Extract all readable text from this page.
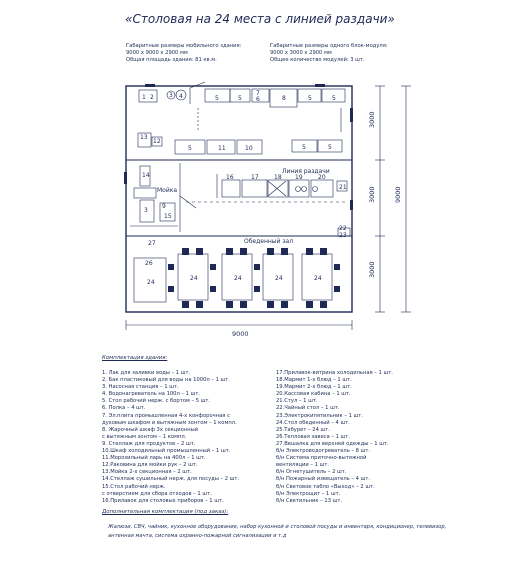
«Столовая на 24 места с линией раздачи»
Габаритные размеры мобильного здания:
9000 х 9000 х 2900 мм
Общая площадь здания: 81 кв.м.
Габаритные размеры одного блок-модуля:
9000 х 3000 х 2900 мм
Общее количество модулей: 3 шт.
1 2	3 4	5	5
7
6	8	5	5
13
12
5	11	10	5	5
14
Мойка
3
9
15
Линия раздачи
16	17	18 19	20
21
22
23
27	Обеденный зал
26
24
24	24	24	24
9000
3000
3000
3000
9000
Комплектация здания:
1. Лак для заливки воды – 1 шт.
2. Бак пластиковый для воды на 1000л – 1 шт.
3. Насосная станция – 1 шт.
4. Водонагреватель на 100л – 1 шт.
5. Стол рабочий нерж. с бортом – 5 шт.
6. Полка – 4 шт.
7. Эл.плита промышленная 4-х конфорочная с
духовым шкафом и вытяжным зонтом – 1 компл.
8. Жарочный шкаф 3х секционный
с вытяжным зонтом – 1 компл.
9. Стеллаж для продуктов – 2 шт.
10.Шкаф холодильный промышленный – 1 шт.
11.Морозильный ларь на 400л – 1 шт.
12.Раковина для мойки рук – 2 шт.
13.Мойка 2-х секционная – 2 шт.
14.Стеллаж сушильный нерж. для посуды – 2 шт.
15.Стол рабочий нерж.
с отверстием для сбора отходов – 1 шт.
16.Прилавок для столовых приборов – 1 шт.
17.Прилавок-витрина холодильная – 1 шт.
18.Мармит 1-х блюд – 1 шт.
19.Мармит 2-х блюд – 1 шт.
20.Кассовая кабина – 1 шт.
21.Стул – 1 шт.
22.Чайный стол – 1 шт.
23.Электрокипятильник – 1 шт.
24.Стол обеденный – 4 шт.
25.Табурет – 24 шт.
26.Тепловая завеса – 1 шт.
27.Вешалка для верхней одежды – 1 шт.
б/н Электроводогреватель – 8 шт.
б/н Система приточно-вытяжной
вентиляции – 1 шт.
б/н Огнетушитель – 2 шт.
б/н Пожарный извещатель – 4 шт.
б/н Световое табло «Выход» – 2 шт.
б/н Электрощит – 1 шт.
б/н Светильник – 13 шт.
Дополнительная комплектация (под заказ):
Жалюзи, СВЧ, чайник, кухонное оборудование, набор кухонной и столовой посуды и инвентаря, кондиционер, телевизор, антенная мачта, система охранно-пожарной сигнализации и т.д
